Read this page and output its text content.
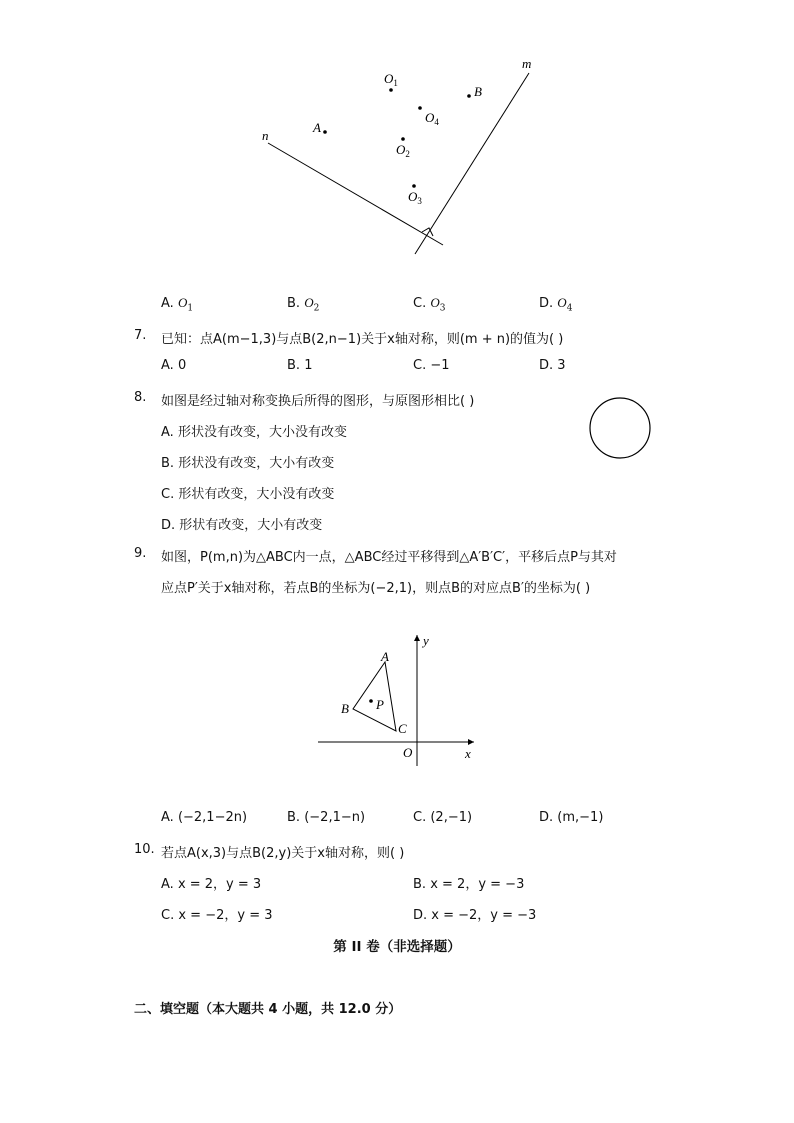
n
m
A
B
$O_1$
$O_4$
$O_2$
$O_3$
A. $O_1$	B. $O_2$	C. $O_3$	D. $O_4$
7. 已知：点A(m−1,3)与点B(2,n−1)关于x轴对称，则(m + n)的值为( )
A. 0	B. 1	C. −1	D. 3
8. 如图是经过轴对称变换后所得的图形，与原图形相比( )
A. 形状没有改变，大小没有改变
B. 形状没有改变，大小有改变
C. 形状有改变，大小没有改变
D. 形状有改变，大小有改变
9. 如图，P(m,n)为△ABC内一点，△ABC经过平移得到△A′B′C′，平移后点P与其对
应点P′关于x轴对称，若点B的坐标为(−2,1)，则点B的对应点B′的坐标为( )
A
B
C
P
O	x
y
A. (−2,1−2n)	B. (−2,1−n)	C. (2,−1)	D. (m,−1)
10. 若点A(x,3)与点B(2,y)关于x轴对称，则( )
A. x = 2，y = 3	B. x = 2，y = −3
C. x = −2，y = 3	D. x = −2，y = −3
第 II 卷（非选择题）
二、填空题（本大题共 4 小题，共 12.0 分）
